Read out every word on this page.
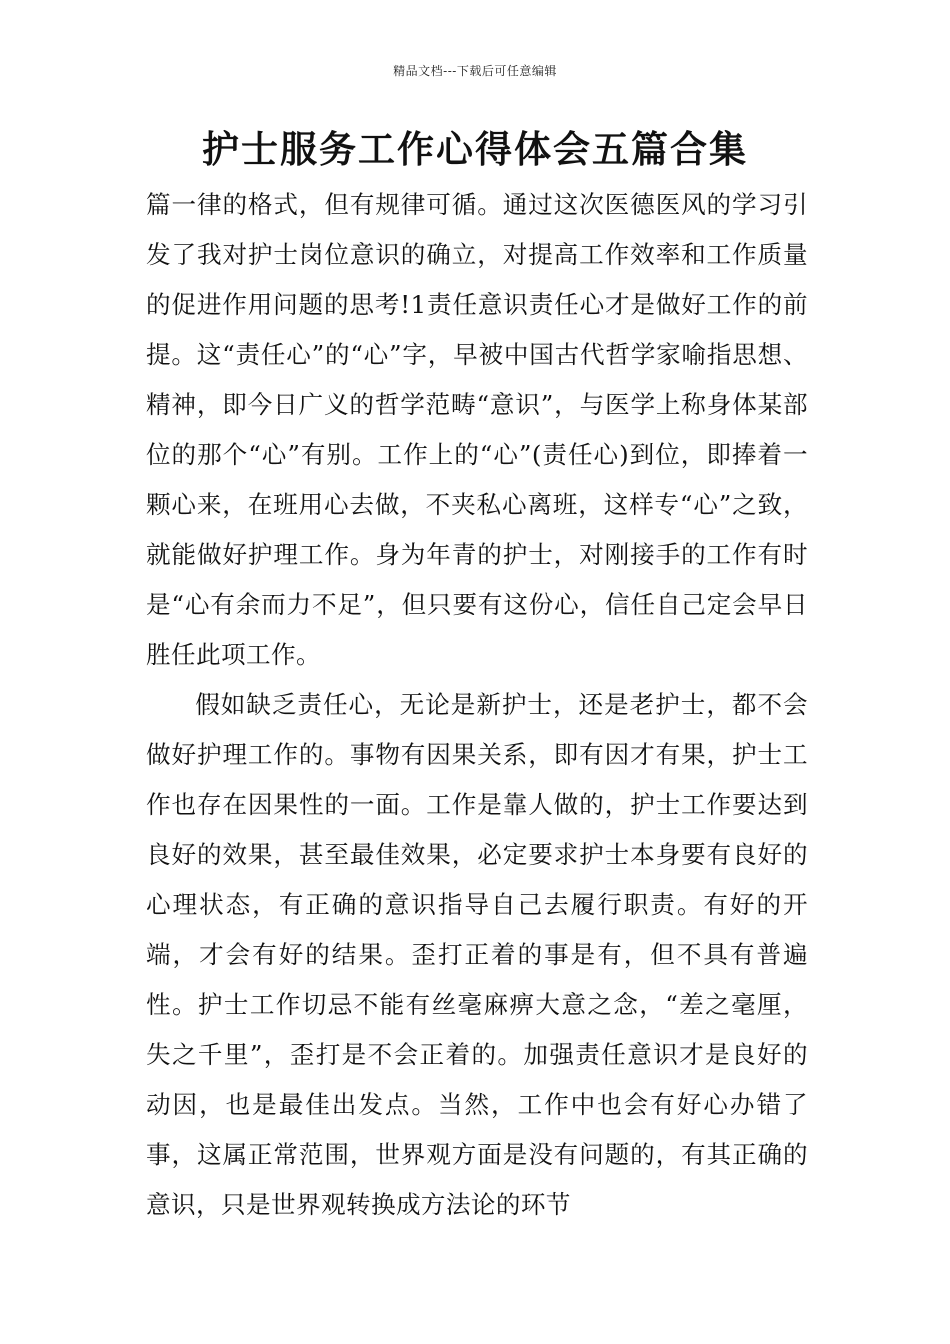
精品文档---下载后可任意编辑
护士服务工作心得体会五篇合集

篇一律的格式，但有规律可循。通过这次医德医风的学习引发了我对护士岗位意识的确立，对提高工作效率和工作质量的促进作用问题的思考!1责任意识责任心才是做好工作的前提。这“责任心”的“心”字，早被中国古代哲学家喻指思想、精神，即今日广义的哲学范畴“意识”，与医学上称身体某部位的那个“心”有别。工作上的“心”(责任心)到位，即捧着一颗心来，在班用心去做，不夹私心离班，这样专“心”之致，就能做好护理工作。身为年青的护士，对刚接手的工作有时是“心有余而力不足”，但只要有这份心，信任自己定会早日胜任此项工作。

假如缺乏责任心，无论是新护士，还是老护士，都不会做好护理工作的。事物有因果关系，即有因才有果，护士工作也存在因果性的一面。工作是靠人做的，护士工作要达到良好的效果，甚至最佳效果，必定要求护士本身要有良好的心理状态，有正确的意识指导自己去履行职责。有好的开端，才会有好的结果。歪打正着的事是有，但不具有普遍性。护士工作切忌不能有丝毫麻痹大意之念，“差之毫厘，失之千里”，歪打是不会正着的。加强责任意识才是良好的动因，也是最佳出发点。当然，工作中也会有好心办错了事，这属正常范围，世界观方面是没有问题的，有其正确的意识，只是世界观转换成方法论的环节
